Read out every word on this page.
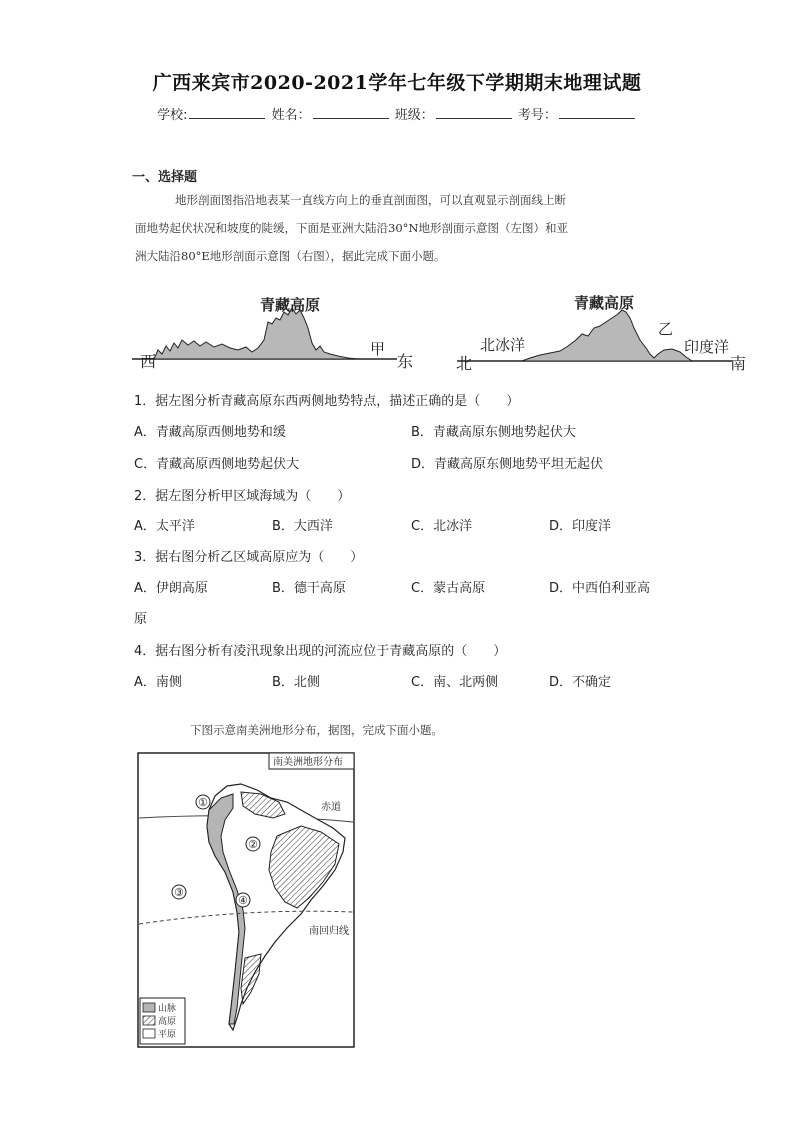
广西来宾市2020-2021学年七年级下学期期末地理试题
学校:	姓名：	班级：	考号：
一、选择题
地形剖面图指沿地表某一直线方向上的垂直剖面图，可以直观显示剖面线上断
面地势起伏状况和坡度的陡缓，下面是亚洲大陆沿30°N地形剖面示意图（左图）和亚
洲大陆沿80°E地形剖面示意图（右图），据此完成下面小题。
青藏高原
西
甲
东
青藏高原
北
北冰洋
乙
印度洋
南
1．据左图分析青藏高原东西两侧地势特点，描述正确的是（　　）
A．青藏高原西侧地势和缓	B．青藏高原东侧地势起伏大
C．青藏高原西侧地势起伏大	D．青藏高原东侧地势平坦无起伏
2．据左图分析甲区域海域为（　　）
A．太平洋	B．大西洋	C．北冰洋	D．印度洋
3．据右图分析乙区域高原应为（　　）
A．伊朗高原	B．德干高原	C．蒙古高原	D．中西伯利亚高
原
4．据右图分析有凌汛现象出现的河流应位于青藏高原的（　　）
A．南侧	B．北侧	C．南、北两侧	D．不确定
下图示意南美洲地形分布，据图，完成下面小题。
南美洲地形分布
赤道
南回归线
①
②
③
④
山脉
高原
平原
